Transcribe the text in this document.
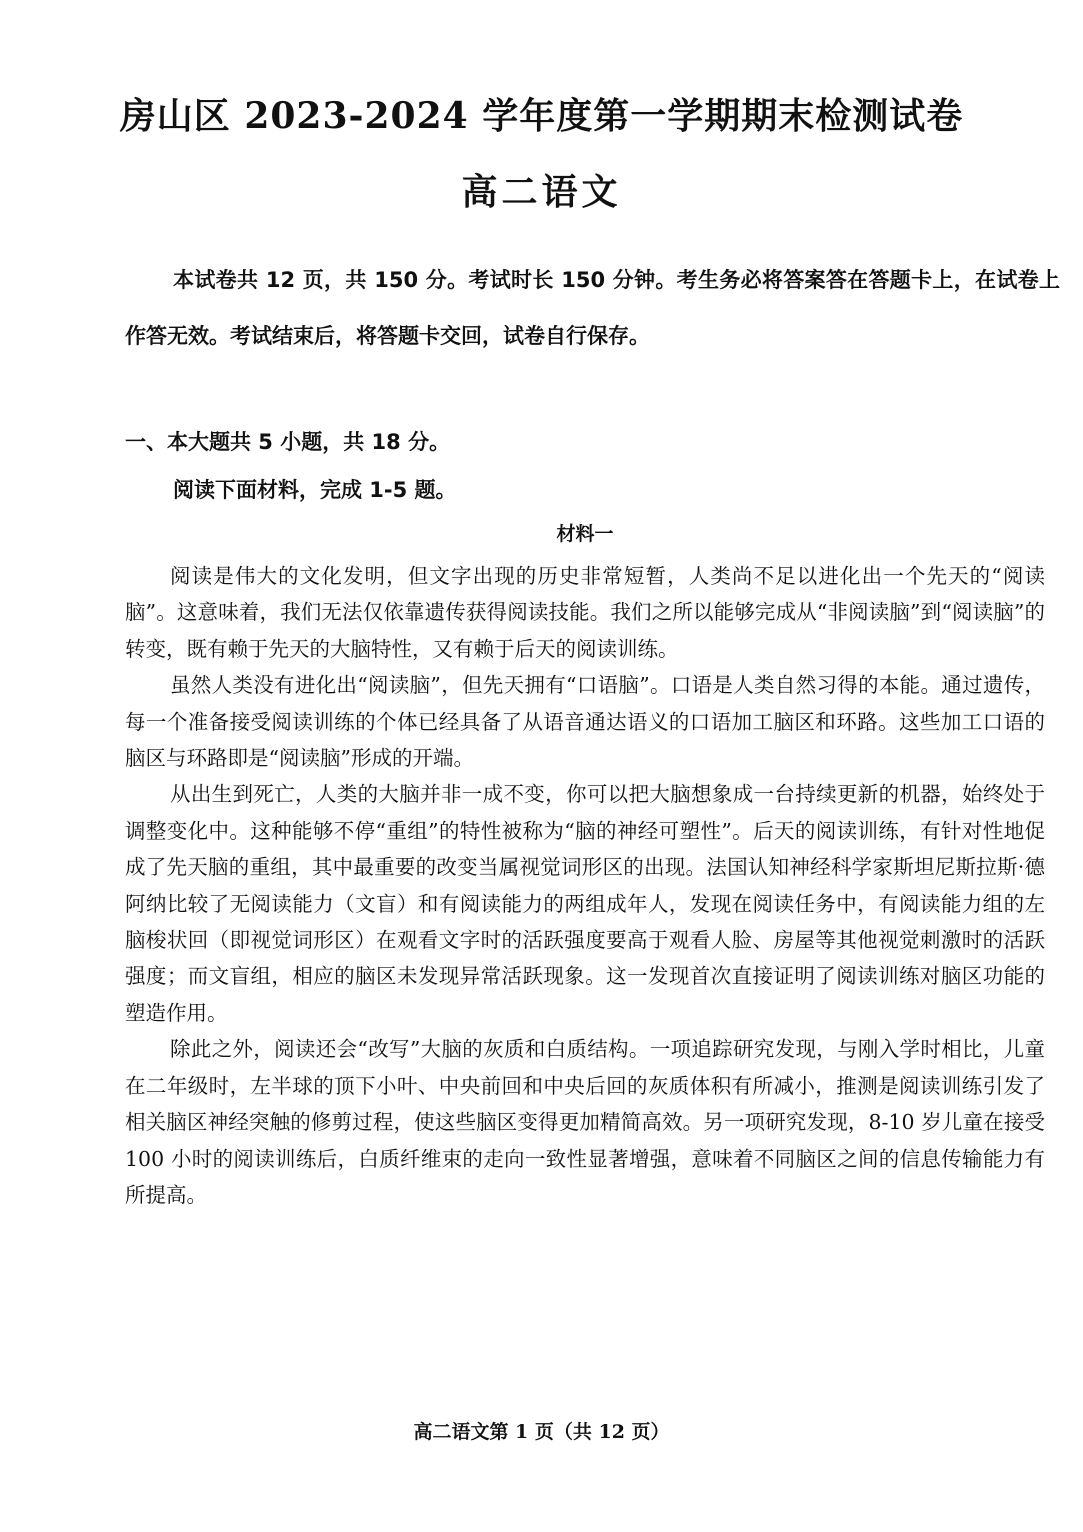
房山区 2023-2024 学年度第一学期期末检测试卷
高二语文
本试卷共 12 页，共 150 分。考试时长 150 分钟。考生务必将答案答在答题卡上，在试卷上作答无效。考试结束后，将答题卡交回，试卷自行保存。
一、本大题共 5 小题，共 18 分。
阅读下面材料，完成 1-5 题。
材料一

阅读是伟大的文化发明，但文字出现的历史非常短暂，人类尚不足以进化出一个先天的“阅读脑”。这意味着，我们无法仅依靠遗传获得阅读技能。我们之所以能够完成从“非阅读脑”到“阅读脑”的转变，既有赖于先天的大脑特性，又有赖于后天的阅读训练。

虽然人类没有进化出“阅读脑”，但先天拥有“口语脑”。口语是人类自然习得的本能。通过遗传，每一个准备接受阅读训练的个体已经具备了从语音通达语义的口语加工脑区和环路。这些加工口语的脑区与环路即是“阅读脑”形成的开端。

从出生到死亡，人类的大脑并非一成不变，你可以把大脑想象成一台持续更新的机器，始终处于调整变化中。这种能够不停“重组”的特性被称为“脑的神经可塑性”。后天的阅读训练，有针对性地促成了先天脑的重组，其中最重要的改变当属视觉词形区的出现。法国认知神经科学家斯坦尼斯拉斯·德阿纳比较了无阅读能力（文盲）和有阅读能力的两组成年人，发现在阅读任务中，有阅读能力组的左脑梭状回（即视觉词形区）在观看文字时的活跃强度要高于观看人脸、房屋等其他视觉刺激时的活跃强度；而文盲组，相应的脑区未发现异常活跃现象。这一发现首次直接证明了阅读训练对脑区功能的塑造作用。

除此之外，阅读还会“改写”大脑的灰质和白质结构。一项追踪研究发现，与刚入学时相比，儿童在二年级时，左半球的顶下小叶、中央前回和中央后回的灰质体积有所减小，推测是阅读训练引发了相关脑区神经突触的修剪过程，使这些脑区变得更加精简高效。另一项研究发现，8-10 岁儿童在接受 100 小时的阅读训练后，白质纤维束的走向一致性显著增强，意味着不同脑区之间的信息传输能力有所提高。

高二语文第 1 页（共 12 页）
